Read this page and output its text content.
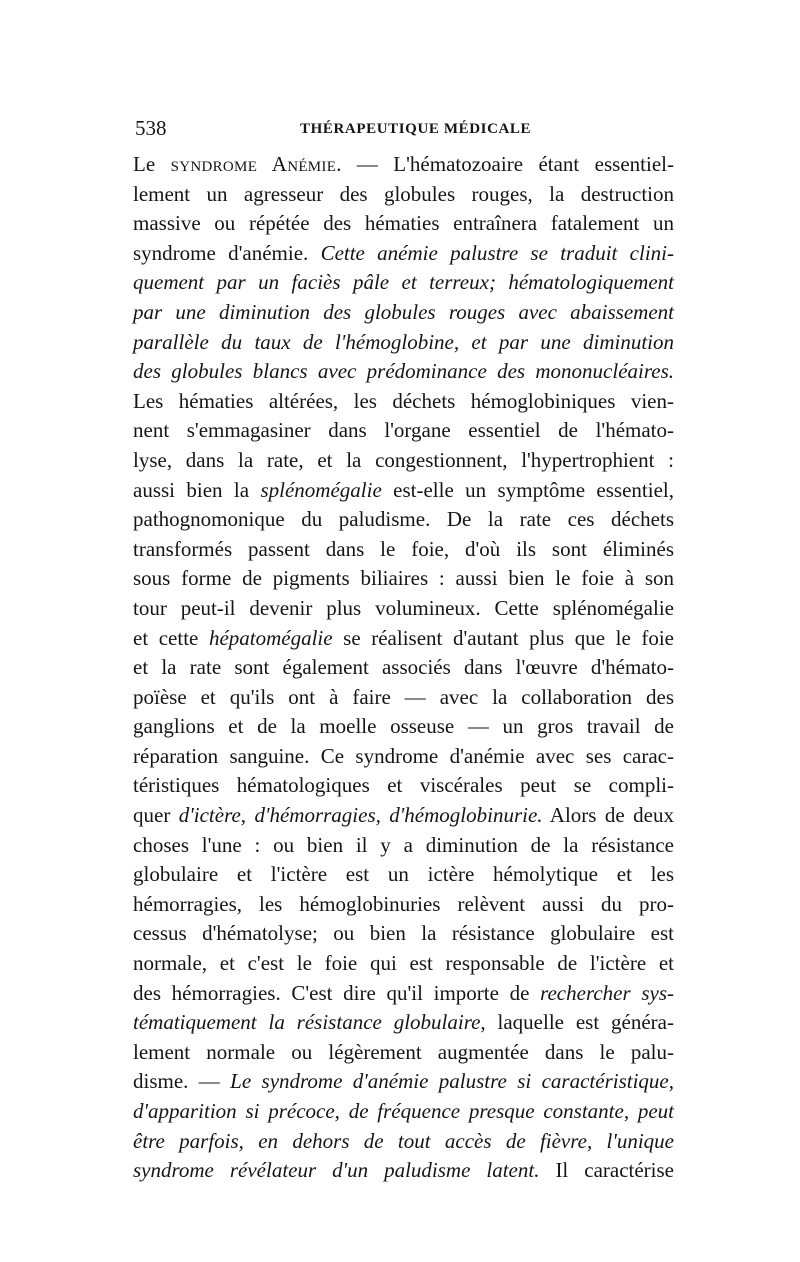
538	THÉRAPEUTIQUE MÉDICALE
Le syndrome Anémie. — L'hématozoaire étant essentiel-
lement un agresseur des globules rouges, la destruction
massive ou répétée des hématies entraînera fatalement un
syndrome d'anémie. Cette anémie palustre se traduit clini-
quement par un faciès pâle et terreux; hématologiquement
par une diminution des globules rouges avec abaissement
parallèle du taux de l'hémoglobine, et par une diminution
des globules blancs avec prédominance des mononucléaires.
Les hématies altérées, les déchets hémoglobiniques vien-
nent s'emmagasiner dans l'organe essentiel de l'hémato-
lyse, dans la rate, et la congestionnent, l'hypertrophient :
aussi bien la splénomégalie est-elle un symptôme essentiel,
pathognomonique du paludisme. De la rate ces déchets
transformés passent dans le foie, d'où ils sont éliminés
sous forme de pigments biliaires : aussi bien le foie à son
tour peut-il devenir plus volumineux. Cette splénomégalie
et cette hépatomégalie se réalisent d'autant plus que le foie
et la rate sont également associés dans l'œuvre d'hémato-
poïèse et qu'ils ont à faire — avec la collaboration des
ganglions et de la moelle osseuse — un gros travail de
réparation sanguine. Ce syndrome d'anémie avec ses carac-
téristiques hématologiques et viscérales peut se compli-
quer d'ictère, d'hémorragies, d'hémoglobinurie. Alors de deux
choses l'une : ou bien il y a diminution de la résistance
globulaire et l'ictère est un ictère hémolytique et les
hémorragies, les hémoglobinuries relèvent aussi du pro-
cessus d'hématolyse; ou bien la résistance globulaire est
normale, et c'est le foie qui est responsable de l'ictère et
des hémorragies. C'est dire qu'il importe de rechercher sys-
tématiquement la résistance globulaire, laquelle est généra-
lement normale ou légèrement augmentée dans le palu-
disme. — Le syndrome d'anémie palustre si caractéristique,
d'apparition si précoce, de fréquence presque constante, peut
être parfois, en dehors de tout accès de fièvre, l'unique
syndrome révélateur d'un paludisme latent. Il caractérise
